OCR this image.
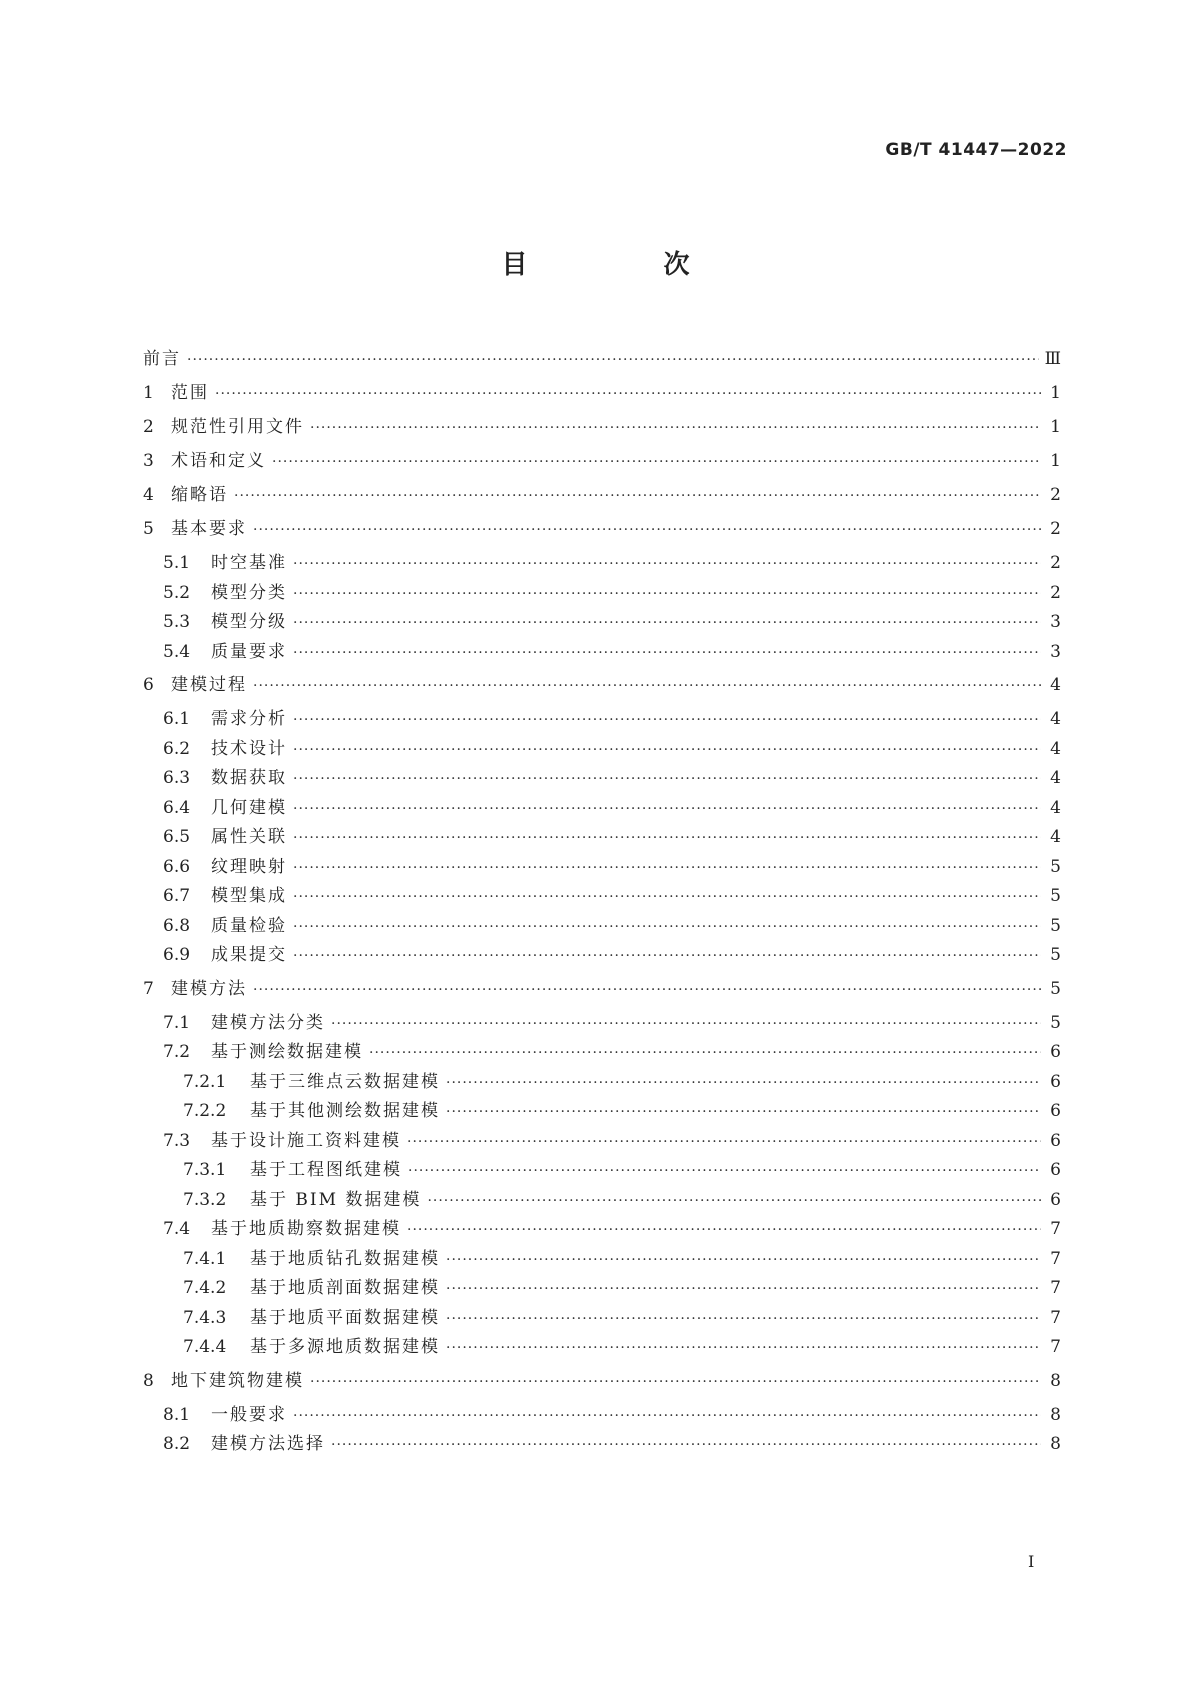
GB/T 41447—2022
目　次
前言 ·····	Ⅲ
1	范围 ·····	1
2	规范性引用文件 ·····	1
3	术语和定义 ·····	1
4	缩略语 ·····	2
5	基本要求 ·····	2
5.1	时空基准 ·····	2
5.2	模型分类 ·····	2
5.3	模型分级 ·····	3
5.4	质量要求 ·····	3
6	建模过程 ·····	4
6.1	需求分析 ·····	4
6.2	技术设计 ·····	4
6.3	数据获取 ·····	4
6.4	几何建模 ·····	4
6.5	属性关联 ·····	4
6.6	纹理映射 ·····	5
6.7	模型集成 ·····	5
6.8	质量检验 ·····	5
6.9	成果提交 ·····	5
7	建模方法 ·····	5
7.1	建模方法分类 ·····	5
7.2	基于测绘数据建模 ·····	6
7.2.1	基于三维点云数据建模 ·····	6
7.2.2	基于其他测绘数据建模 ·····	6
7.3	基于设计施工资料建模 ·····	6
7.3.1	基于工程图纸建模 ·····	6
7.3.2	基于 BIM 数据建模 ·····	6
7.4	基于地质勘察数据建模 ·····	7
7.4.1	基于地质钻孔数据建模 ·····	7
7.4.2	基于地质剖面数据建模 ·····	7
7.4.3	基于地质平面数据建模 ·····	7
7.4.4	基于多源地质数据建模 ·····	7
8	地下建筑物建模 ·····	8
8.1	一般要求 ·····	8
8.2	建模方法选择 ·····	8
Ⅰ
